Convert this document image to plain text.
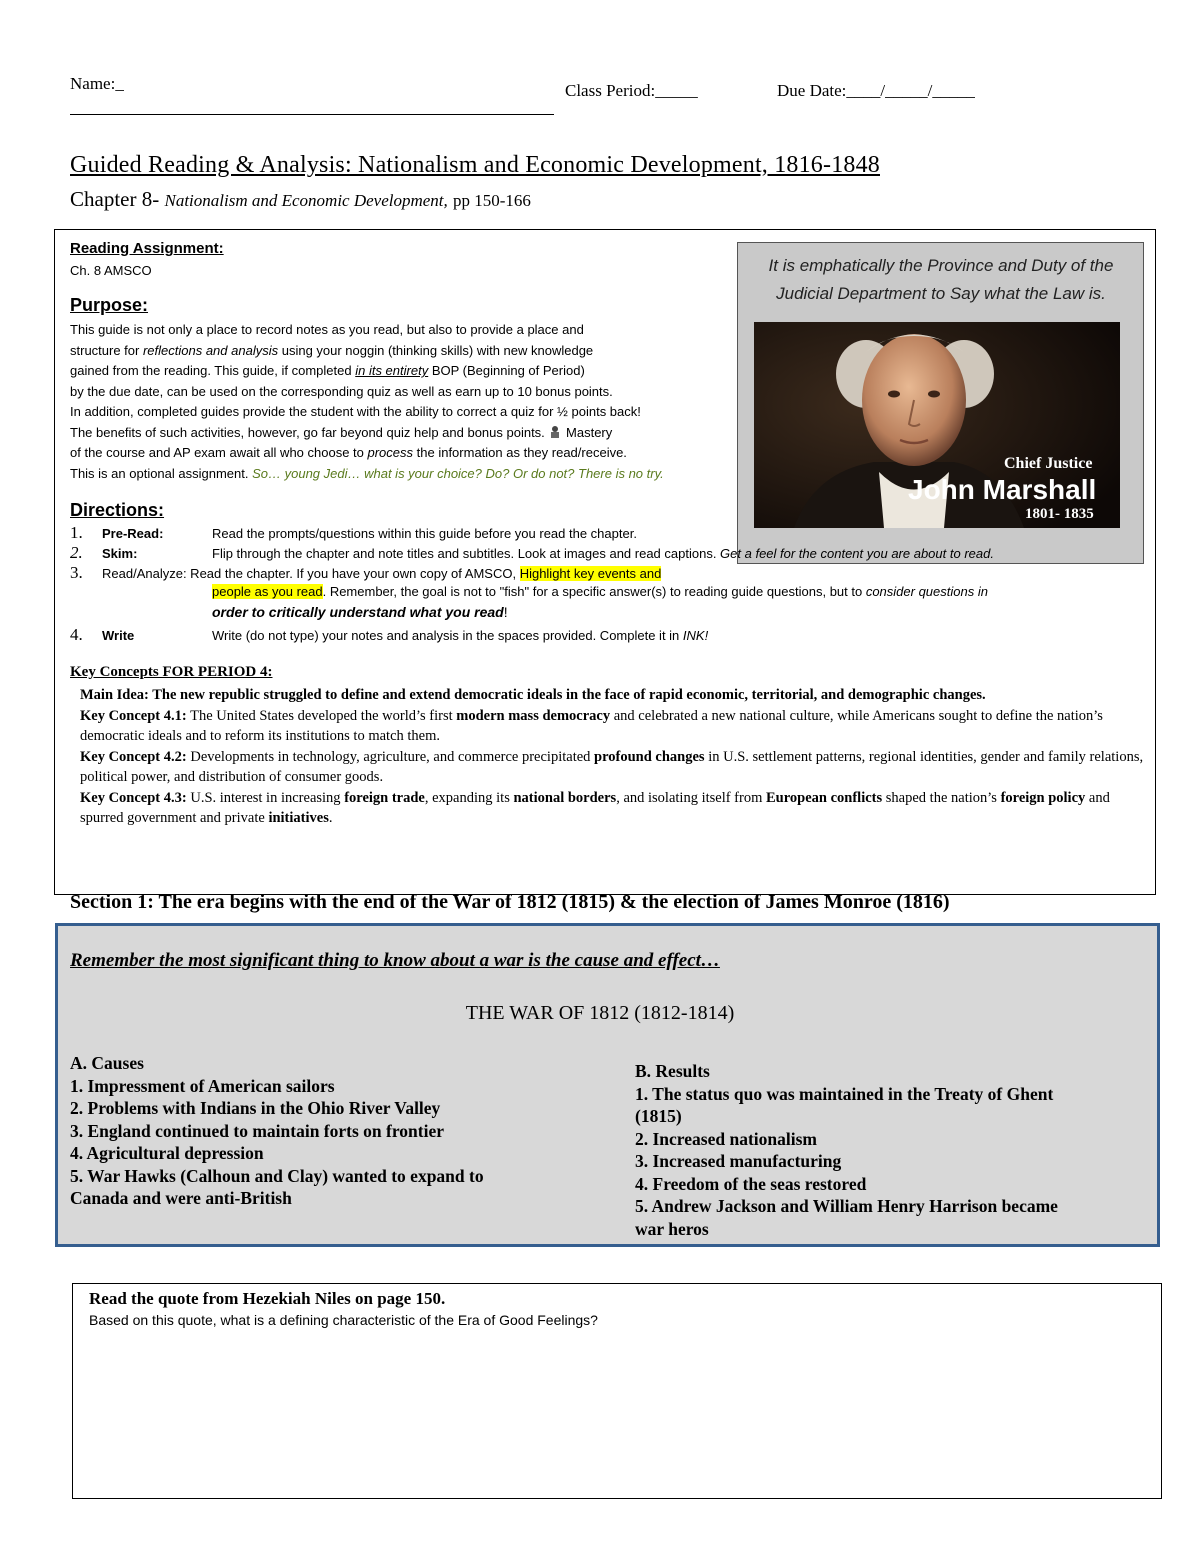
Name:_	Class Period:_____	Due Date:____/_____/_____
Guided Reading & Analysis: Nationalism and Economic Development, 1816-1848
Chapter 8- Nationalism and Economic Development, pp 150-166
Reading Assignment:
Ch. 8 AMSCO
Purpose:
This guide is not only a place to record notes as you read, but also to provide a place and
structure for reflections and analysis using your noggin (thinking skills) with new knowledge
gained from the reading. This guide, if completed in its entirety BOP (Beginning of Period)
by the due date, can be used on the corresponding quiz as well as earn up to 10 bonus points.
In addition, completed guides provide the student with the ability to correct a quiz for ½ points back!
The benefits of such activities, however, go far beyond quiz help and bonus points.  Mastery
of the course and AP exam await all who choose to process the information as they read/receive.
This is an optional assignment. So… young Jedi… what is your choice? Do? Or do not? There is no try.
It is emphatically the Province and Duty of the Judicial Department to Say what the Law is.
Chief Justice
John Marshall
1801- 1835
Directions:
1. Pre-Read:	Read the prompts/questions within this guide before you read the chapter.
2. Skim:	Flip through the chapter and note titles and subtitles. Look at images and read captions. Get a feel for the content you are about to read.
3. Read/Analyze: Read the chapter. If you have your own copy of AMSCO, Highlight key events and
people as you read. Remember, the goal is not to "fish" for a specific answer(s) to reading guide questions, but to consider questions in
order to critically understand what you read!
4. Write	Write (do not type) your notes and analysis in the spaces provided. Complete it in INK!
Key Concepts FOR PERIOD 4:

Main Idea: The new republic struggled to define and extend democratic ideals in the face of rapid economic, territorial, and demographic changes.

Key Concept 4.1: The United States developed the world’s first modern mass democracy and celebrated a new national culture, while Americans sought to define the nation’s democratic ideals and to reform its institutions to match them.

Key Concept 4.2: Developments in technology, agriculture, and commerce precipitated profound changes in U.S. settlement patterns, regional identities, gender and family relations, political power, and distribution of consumer goods.

Key Concept 4.3: U.S. interest in increasing foreign trade, expanding its national borders, and isolating itself from European conflicts shaped the nation’s foreign policy and spurred government and private initiatives.

Section 1: The era begins with the end of the War of 1812 (1815) & the election of James Monroe (1816)
Remember the most significant thing to know about a war is the cause and effect…
THE WAR OF 1812 (1812-1814)
A. Causes
1. Impressment of American sailors
2. Problems with Indians in the Ohio River Valley
3. England continued to maintain forts on frontier
4. Agricultural depression
5. War Hawks (Calhoun and Clay) wanted to expand to Canada and were anti-British
B. Results
1. The status quo was maintained in the Treaty of Ghent (1815)
2. Increased nationalism
3. Increased manufacturing
4. Freedom of the seas restored
5. Andrew Jackson and William Henry Harrison became war heros
Read the quote from Hezekiah Niles on page 150.
Based on this quote, what is a defining characteristic of the Era of Good Feelings?
